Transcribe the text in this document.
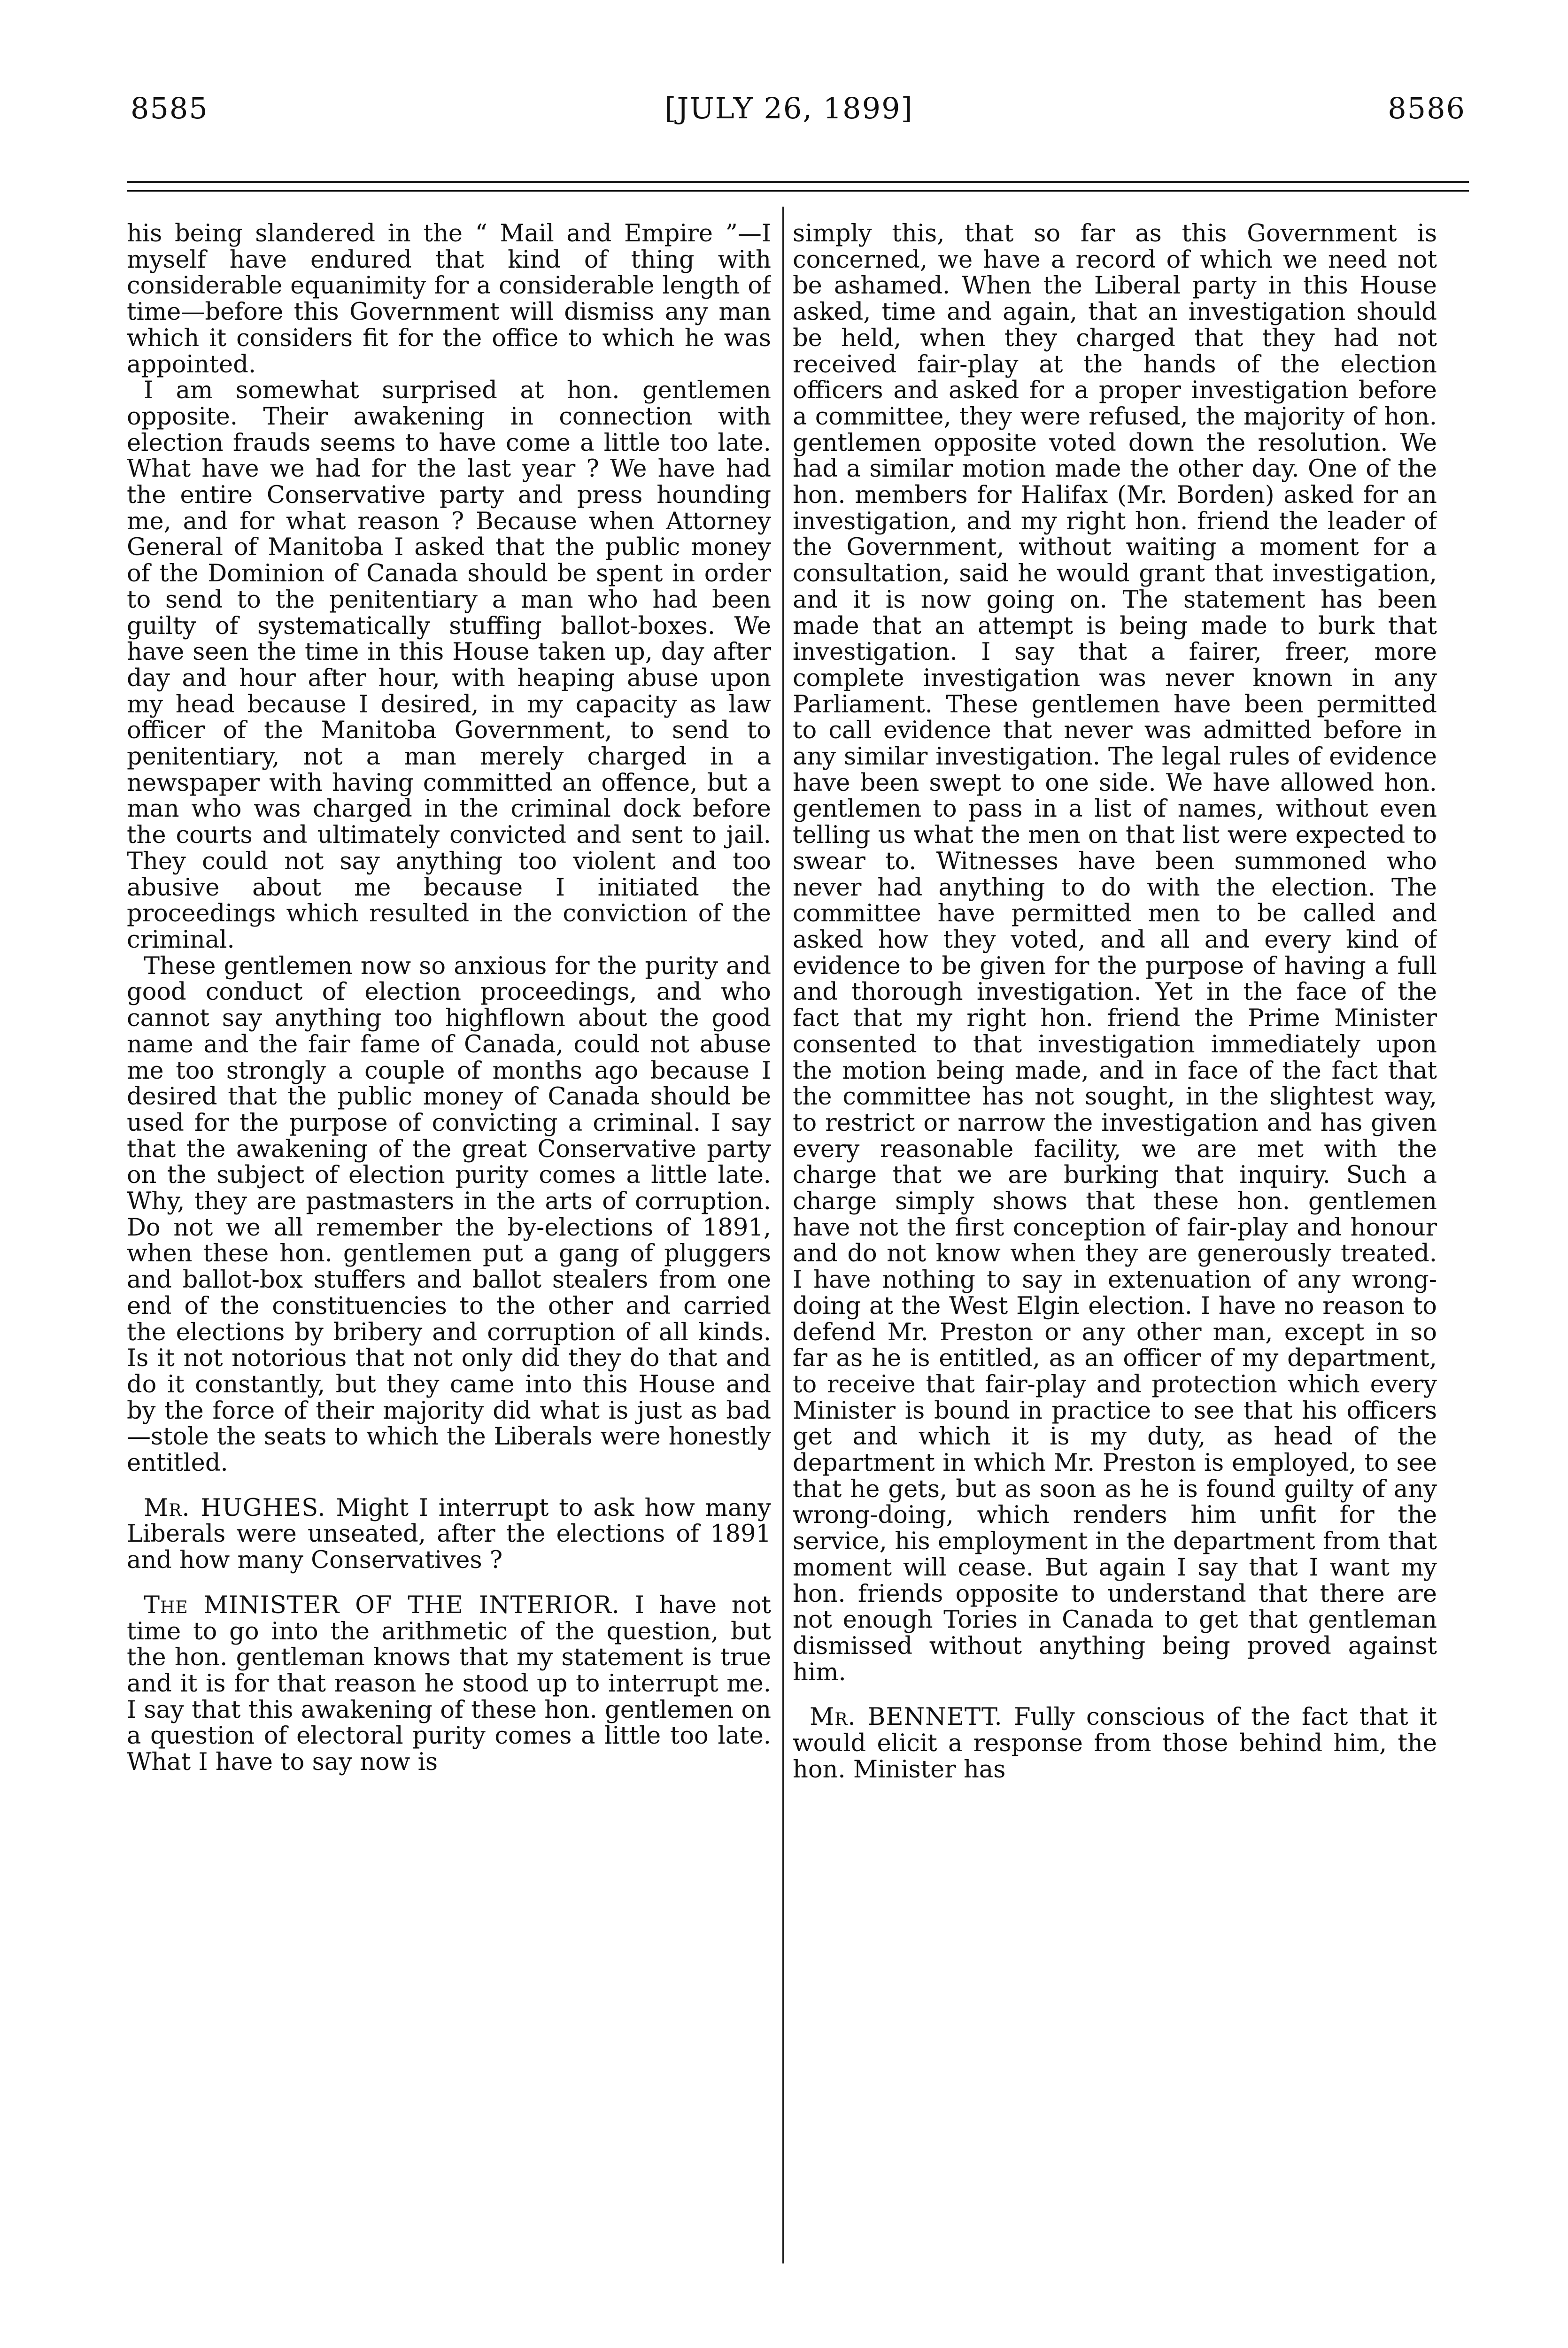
8585	[JULY 26, 1899]	8586

his being slandered in the “ Mail and Empire ”—I myself have endured that kind of thing with considerable equanimity for a considerable length of time—before this Government will dismiss any man which it considers fit for the office to which he was appointed.

I am somewhat surprised at hon. gentlemen opposite. Their awakening in connection with election frauds seems to have come a little too late. What have we had for the last year ? We have had the entire Conservative party and press hounding me, and for what reason ? Because when Attorney General of Manitoba I asked that the public money of the Dominion of Canada should be spent in order to send to the penitentiary a man who had been guilty of systematically stuffing ballot-boxes. We have seen the time in this House taken up, day after day and hour after hour, with heaping abuse upon my head because I desired, in my capacity as law officer of the Manitoba Government, to send to penitentiary, not a man merely charged in a newspaper with having committed an offence, but a man who was charged in the criminal dock before the courts and ultimately convicted and sent to jail. They could not say anything too violent and too abusive about me because I initiated the proceedings which resulted in the conviction of the criminal.

These gentlemen now so anxious for the purity and good conduct of election proceedings, and who cannot say anything too highflown about the good name and the fair fame of Canada, could not abuse me too strongly a couple of months ago because I desired that the public money of Canada should be used for the purpose of convicting a criminal. I say that the awakening of the great Conservative party on the subject of election purity comes a little late. Why, they are pastmasters in the arts of corruption. Do not we all remember the by-elections of 1891, when these hon. gentlemen put a gang of pluggers and ballot-box stuffers and ballot stealers from one end of the constituencies to the other and carried the elections by bribery and corruption of all kinds. Is it not notorious that not only did they do that and do it constantly, but they came into this House and by the force of their majority did what is just as bad—stole the seats to which the Liberals were honestly entitled.

Mr. HUGHES. Might I interrupt to ask how many Liberals were unseated, after the elections of 1891 and how many Conservatives ?

The MINISTER OF THE INTERIOR. I have not time to go into the arithmetic of the question, but the hon. gentleman knows that my statement is true and it is for that reason he stood up to interrupt me. I say that this awakening of these hon. gentlemen on a question of electoral purity comes a little too late. What I have to say now is

simply this, that so far as this Government is concerned, we have a record of which we need not be ashamed. When the Liberal party in this House asked, time and again, that an investigation should be held, when they charged that they had not received fair-play at the hands of the election officers and asked for a proper investigation before a committee, they were refused, the majority of hon. gentlemen opposite voted down the resolution. We had a similar motion made the other day. One of the hon. members for Halifax (Mr. Borden) asked for an investigation, and my right hon. friend the leader of the Government, without waiting a moment for a consultation, said he would grant that investigation, and it is now going on. The statement has been made that an attempt is being made to burk that investigation. I say that a fairer, freer, more complete investigation was never known in any Parliament. These gentlemen have been permitted to call evidence that never was admitted before in any similar investigation. The legal rules of evidence have been swept to one side. We have allowed hon. gentlemen to pass in a list of names, without even telling us what the men on that list were expected to swear to. Witnesses have been summoned who never had anything to do with the election. The committee have permitted men to be called and asked how they voted, and all and every kind of evidence to be given for the purpose of having a full and thorough investigation. Yet in the face of the fact that my right hon. friend the Prime Minister consented to that investigation immediately upon the motion being made, and in face of the fact that the committee has not sought, in the slightest way, to restrict or narrow the investigation and has given every reasonable facility, we are met with the charge that we are burking that inquiry. Such a charge simply shows that these hon. gentlemen have not the first conception of fair-play and honour and do not know when they are generously treated. I have nothing to say in extenuation of any wrong-doing at the West Elgin election. I have no reason to defend Mr. Preston or any other man, except in so far as he is entitled, as an officer of my department, to receive that fair-play and protection which every Minister is bound in practice to see that his officers get and which it is my duty, as head of the department in which Mr. Preston is employed, to see that he gets, but as soon as he is found guilty of any wrong-doing, which renders him unfit for the service, his employment in the department from that moment will cease. But again I say that I want my hon. friends opposite to understand that there are not enough Tories in Canada to get that gentleman dismissed without anything being proved against him.

Mr. BENNETT. Fully conscious of the fact that it would elicit a response from those behind him, the hon. Minister has
